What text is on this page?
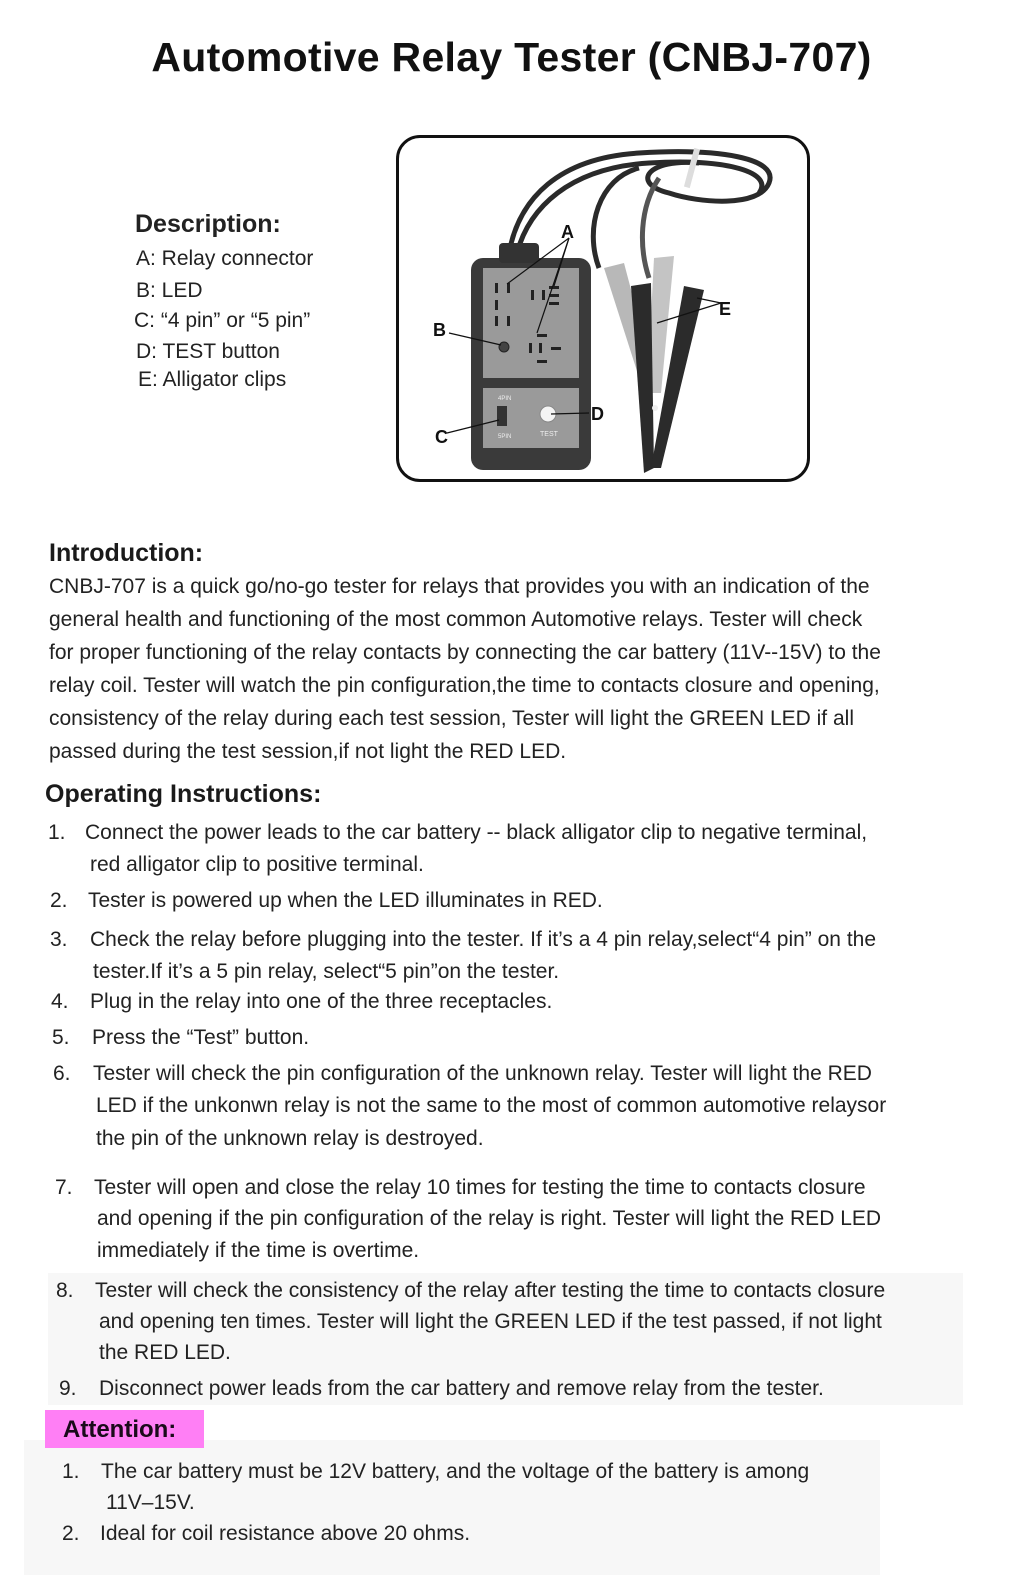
Automotive Relay Tester (CNBJ-707)
Description:
A: Relay connector
B: LED
C: “4 pin” or “5 pin”
D: TEST button
E: Alligator clips
4PIN
5PIN	TEST
A
B
C
D
E
Introduction:
CNBJ-707 is a quick go/no-go tester for relays that provides you with an indication of the
general health and functioning of the most common Automotive relays. Tester will check
for proper functioning of the relay contacts by connecting the car battery (11V--15V) to the
relay coil. Tester will watch the pin configuration,the time to contacts closure and opening,
consistency of the relay during each test session, Tester will light the GREEN LED if all
passed during the test session,if not light the RED LED.
Operating Instructions:
1. Connect the power leads to the car battery -- black alligator clip to negative terminal,
red alligator clip to positive terminal.
2. Tester is powered up when the LED illuminates in RED.
3. Check the relay before plugging into the tester. If it’s a 4 pin relay,select“4 pin” on the
tester.If it’s a 5 pin relay, select“5 pin”on the tester.
4. Plug in the relay into one of the three receptacles.
5. Press the “Test” button.
6. Tester will check the pin configuration of the unknown relay. Tester will light the RED
LED if the unkonwn relay is not the same to the most of common automotive relaysor
the pin of the unknown relay is destroyed.
7. Tester will open and close the relay 10 times for testing the time to contacts closure
and opening if the pin configuration of the relay is right. Tester will light the RED LED
immediately if the time is overtime.
8. Tester will check the consistency of the relay after testing the time to contacts closure
and opening ten times. Tester will light the GREEN LED if the test passed, if not light
the RED LED.
9. Disconnect power leads from the car battery and remove relay from the tester.
Attention:
1. The car battery must be 12V battery, and the voltage of the battery is among
11V–15V.
2. Ideal for coil resistance above 20 ohms.
